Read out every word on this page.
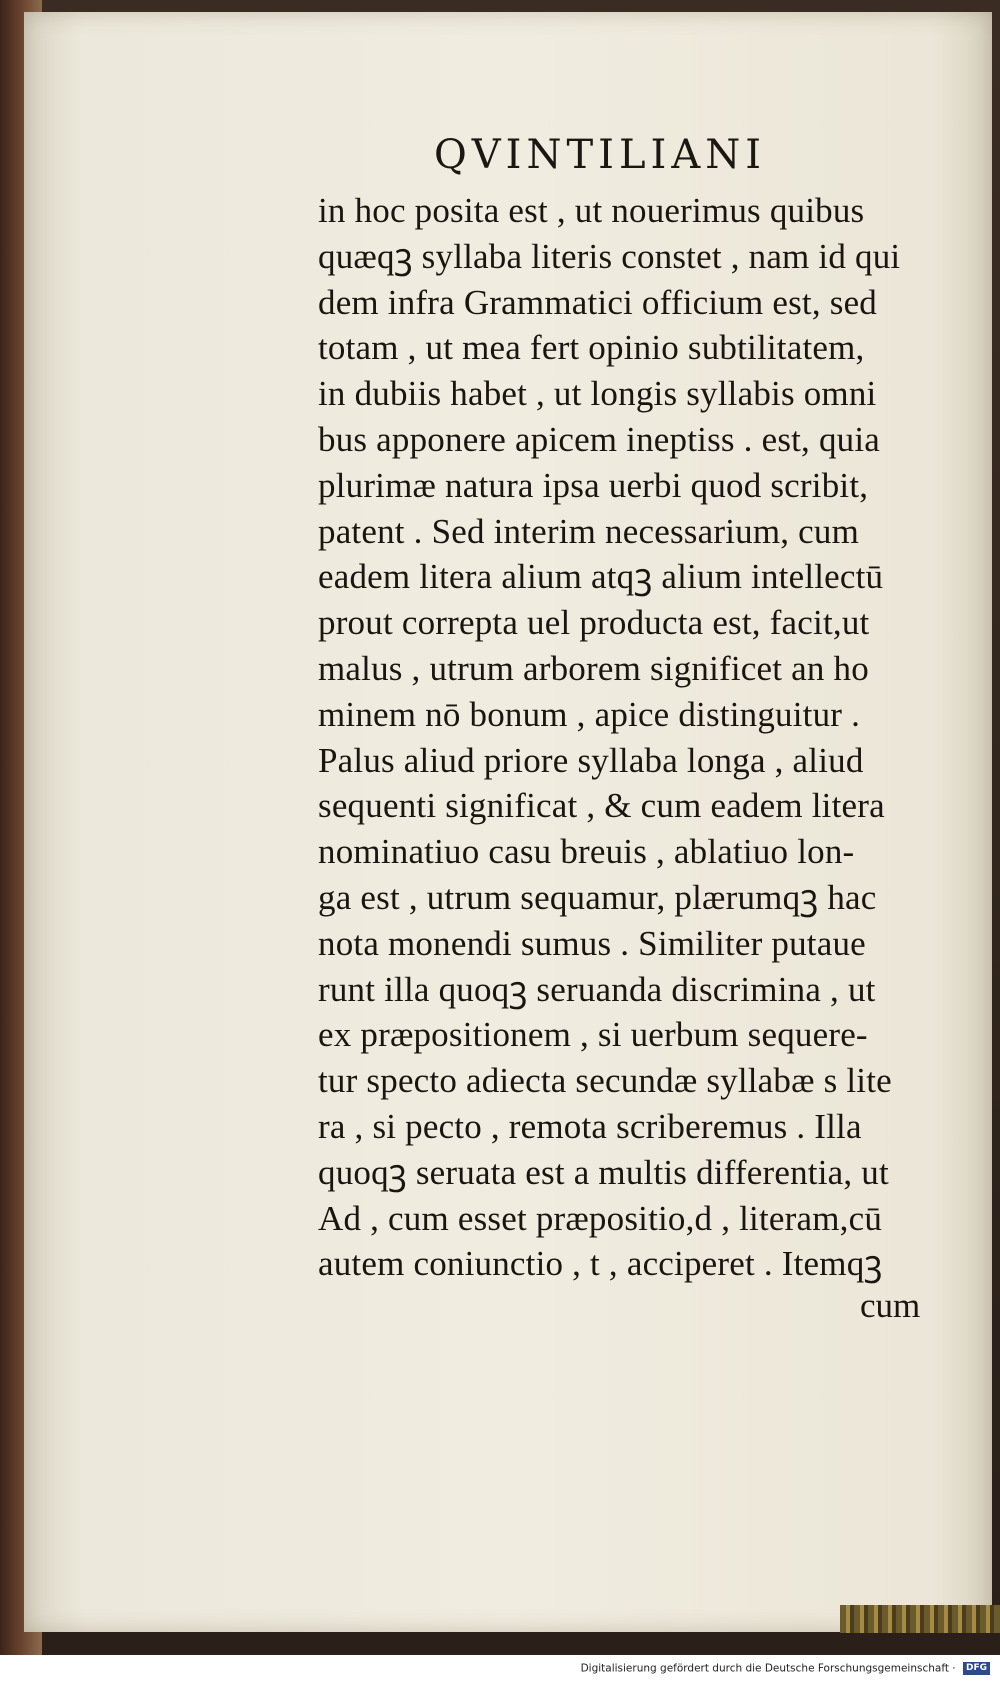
QVINTILIANI
in hoc posita est , ut nouerimus quibus
quæqꝫ syllaba literis constet , nam id qui
dem infra Grammatici officium est, sed
totam , ut mea fert opinio subtilitatem,
in dubiis habet , ut longis syllabis omni
bus apponere apicem ineptiss . est, quia
plurimæ natura ipsa uerbi quod scribit,
patent . Sed interim necessarium, cum
eadem litera alium atqꝫ alium intellectū
prout correpta uel producta est, facit,ut
malus , utrum arborem significet an ho
minem nō bonum , apice distinguitur .
Palus aliud priore syllaba longa , aliud
sequenti significat , & cum eadem litera
nominatiuo casu breuis , ablatiuo lon-
ga est , utrum sequamur, plærumqꝫ hac
nota monendi sumus . Similiter putaue
runt illa quoqꝫ seruanda discrimina , ut
ex præpositionem , si uerbum sequere-
tur specto adiecta secundæ syllabæ s lite
ra , si pecto , remota scriberemus . Illa
quoqꝫ seruata est a multis differentia, ut
Ad , cum esset præpositio,d , literam,cū
autem coniunctio , t , acciperet . Itemqꝫ
cum
Digitalisierung gefördert durch die Deutsche Forschungsgemeinschaft · DFG
